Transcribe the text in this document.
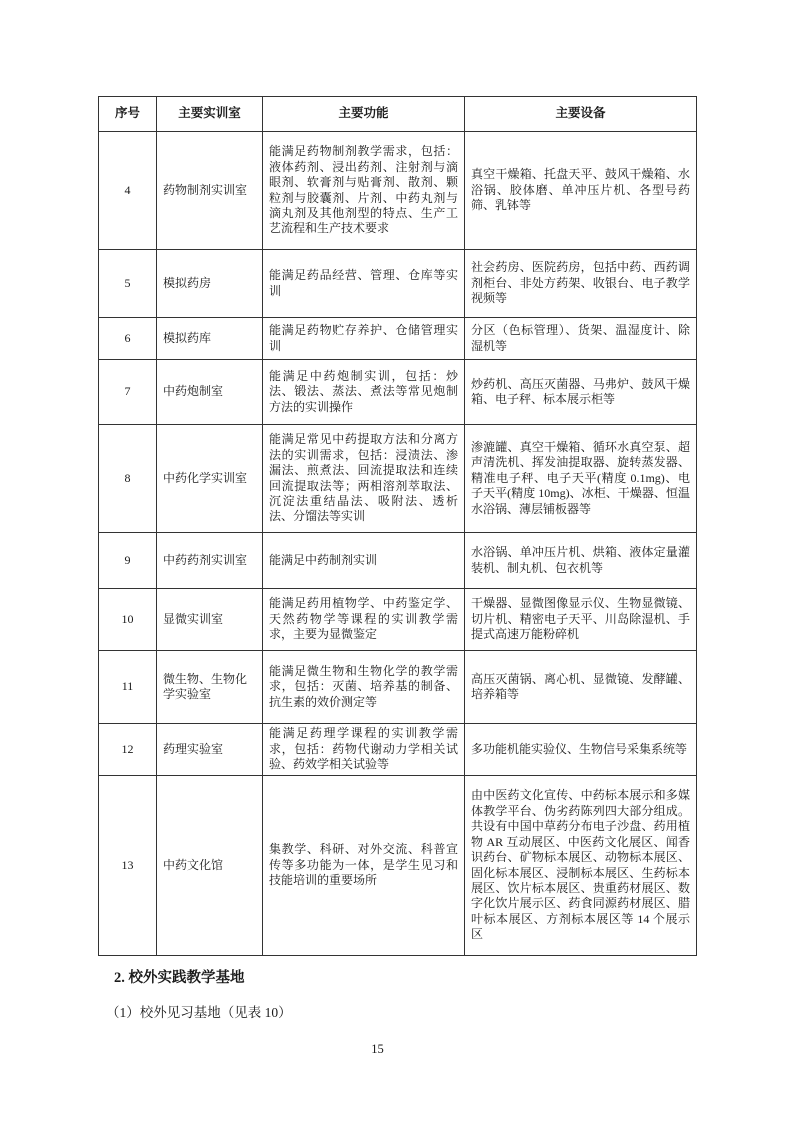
序号	主要实训室	主要功能	主要设备
4	药物制剂实训室	能满足药物制剂教学需求，包括：液体药剂、浸出药剂、注射剂与滴眼剂、软膏剂与贴膏剂、散剂、颗粒剂与胶囊剂、片剂、中药丸剂与滴丸剂及其他剂型的特点、生产工艺流程和生产技术要求	真空干燥箱、托盘天平、鼓风干燥箱、水浴锅、胶体磨、单冲压片机、各型号药筛、乳钵等
5	模拟药房	能满足药品经营、管理、仓库等实训	社会药房、医院药房，包括中药、西药调剂柜台、非处方药架、收银台、电子教学视频等
6	模拟药库	能满足药物贮存养护、仓储管理实训	分区（色标管理）、货架、温湿度计、除湿机等
7	中药炮制室	能满足中药炮制实训，包括：炒法、锻法、蒸法、煮法等常见炮制方法的实训操作	炒药机、高压灭菌器、马弗炉、鼓风干燥箱、电子秤、标本展示柜等
8	中药化学实训室	能满足常见中药提取方法和分离方法的实训需求，包括：浸渍法、渗漏法、煎煮法、回流提取法和连续回流提取法等；两相溶剂萃取法、沉淀法重结晶法、吸附法、透析法、分馏法等实训	渗漉罐、真空干燥箱、循环水真空泵、超声清洗机、挥发油提取器、旋转蒸发器、精准电子秤、电子天平(精度 0.1mg)、电子天平(精度 10mg)、冰柜、干燥器、恒温水浴锅、薄层铺板器等
9	中药药剂实训室	能满足中药制剂实训	水浴锅、单冲压片机、烘箱、液体定量灌装机、制丸机、包衣机等
10	显微实训室	能满足药用植物学、中药鉴定学、天然药物学等课程的实训教学需求，主要为显微鉴定	干燥器、显微图像显示仪、生物显微镜、切片机、精密电子天平、川岛除湿机、手提式高速万能粉碎机
11	微生物、生物化学实验室	能满足微生物和生物化学的教学需求，包括：灭菌、培养基的制备、抗生素的效价测定等	高压灭菌锅、离心机、显微镜、发酵罐、培养箱等
12	药理实验室	能满足药理学课程的实训教学需求，包括：药物代谢动力学相关试验、药效学相关试验等	多功能机能实验仪、生物信号采集系统等
13	中药文化馆	集教学、科研、对外交流、科普宣传等多功能为一体，是学生见习和技能培训的重要场所	由中医药文化宣传、中药标本展示和多媒体教学平台、伪劣药陈列四大部分组成。共设有中国中草药分布电子沙盘、药用植物 AR 互动展区、中医药文化展区、闻香识药台、矿物标本展区、动物标本展区、固化标本展区、浸制标本展区、生药标本展区、饮片标本展区、贵重药材展区、数字化饮片展示区、药食同源药材展区、腊叶标本展区、方剂标本展区等 14 个展示区
2. 校外实践教学基地
（1）校外见习基地（见表 10）
15
